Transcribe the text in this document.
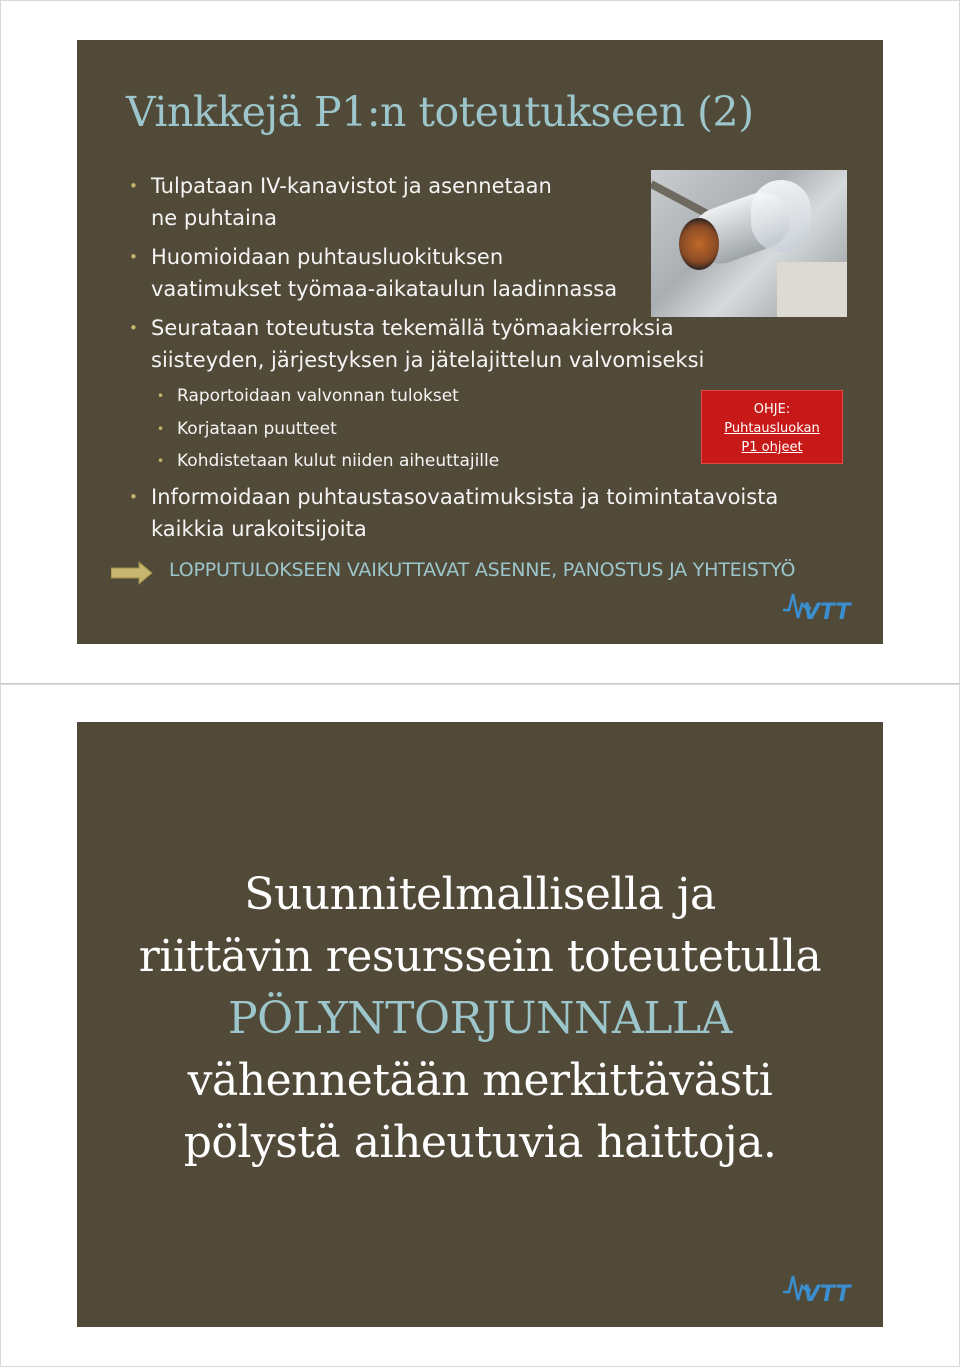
Vinkkejä P1:n toteutukseen (2)
• Tulpataan IV-kanavistot ja asennetaan
ne puhtaina
• Huomioidaan puhtausluokituksen
vaatimukset työmaa-aikataulun laadinnassa
• Seurataan toteutusta tekemällä työmaakierroksia
siisteyden, järjestyksen ja jätelajittelun valvomiseksi
• Raportoidaan valvonnan tulokset
• Korjataan puutteet
• Kohdistetaan kulut niiden aiheuttajille
• Informoidaan puhtaustasovaatimuksista ja toimintatavoista
kaikkia urakoitsijoita
OHJE:
Puhtausluokan
P1 ohjeet
LOPPUTULOKSEEN VAIKUTTAVAT ASENNE, PANOSTUS JA YHTEISTYÖ
VTT
Suunnitelmallisella ja
riittävin resurssein toteutetulla
PÖLYNTORJUNNALLA
vähennetään merkittävästi
pölystä aiheutuvia haittoja.
VTT
